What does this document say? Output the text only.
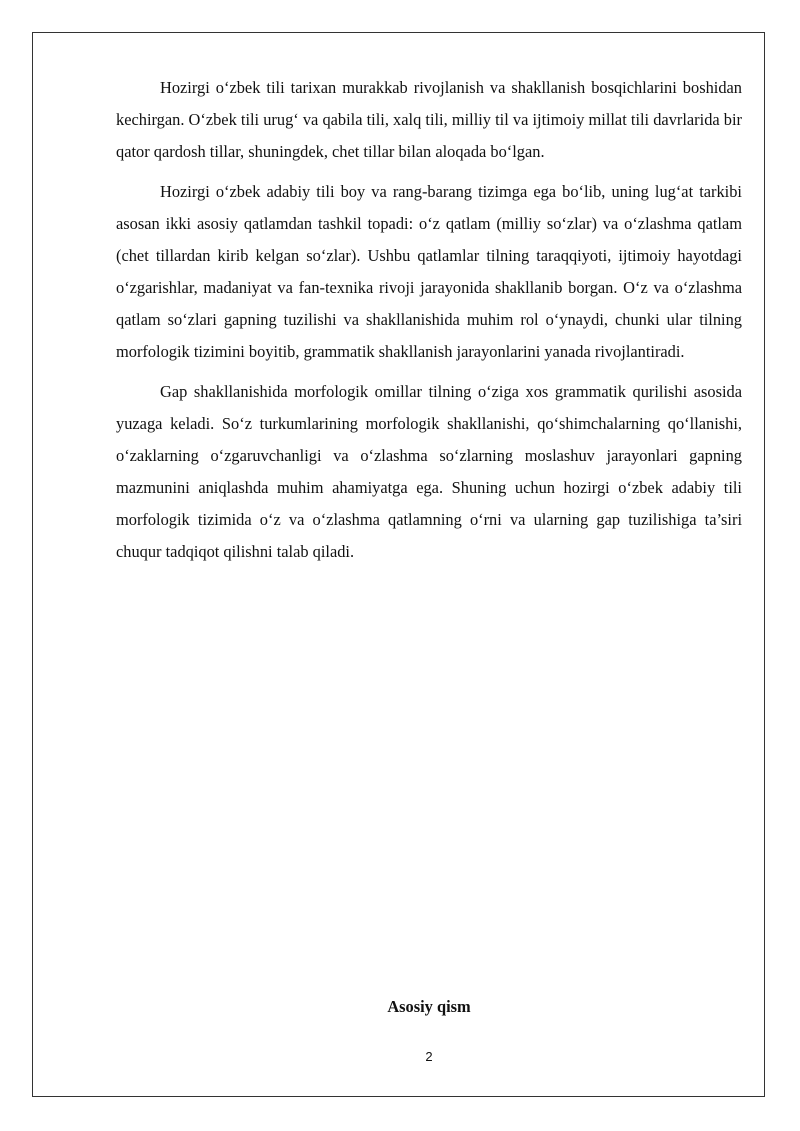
Hozirgi o‘zbek tili tarixan murakkab rivojlanish va shakllanish bosqichlarini boshidan kechirgan. O‘zbek tili urug‘ va qabila tili, xalq tili, milliy til va ijtimoiy millat tili davrlarida bir qator qardosh tillar, shuningdek, chet tillar bilan aloqada bo‘lgan.

Hozirgi o‘zbek adabiy tili boy va rang-barang tizimga ega bo‘lib, uning lug‘at tarkibi asosan ikki asosiy qatlamdan tashkil topadi: o‘z qatlam (milliy so‘zlar) va o‘zlashma qatlam (chet tillardan kirib kelgan so‘zlar). Ushbu qatlamlar tilning taraqqiyoti, ijtimoiy hayotdagi o‘zgarishlar, madaniyat va fan-texnika rivoji jarayonida shakllanib borgan. O‘z va o‘zlashma qatlam so‘zlari gapning tuzilishi va shakllanishida muhim rol o‘ynaydi, chunki ular tilning morfologik tizimini boyitib, grammatik shakllanish jarayonlarini yanada rivojlantiradi.

Gap shakllanishida morfologik omillar tilning o‘ziga xos grammatik qurilishi asosida yuzaga keladi. So‘z turkumlarining morfologik shakllanishi, qo‘shimchalarning qo‘llanishi, o‘zaklarning o‘zgaruvchanligi va o‘zlashma so‘zlarning moslashuv jarayonlari gapning mazmunini aniqlashda muhim ahamiyatga ega. Shuning uchun hozirgi o‘zbek adabiy tili morfologik tizimida o‘z va o‘zlashma qatlamning o‘rni va ularning gap tuzilishiga ta’siri chuqur tadqiqot qilishni talab qiladi.

Asosiy qism

2
